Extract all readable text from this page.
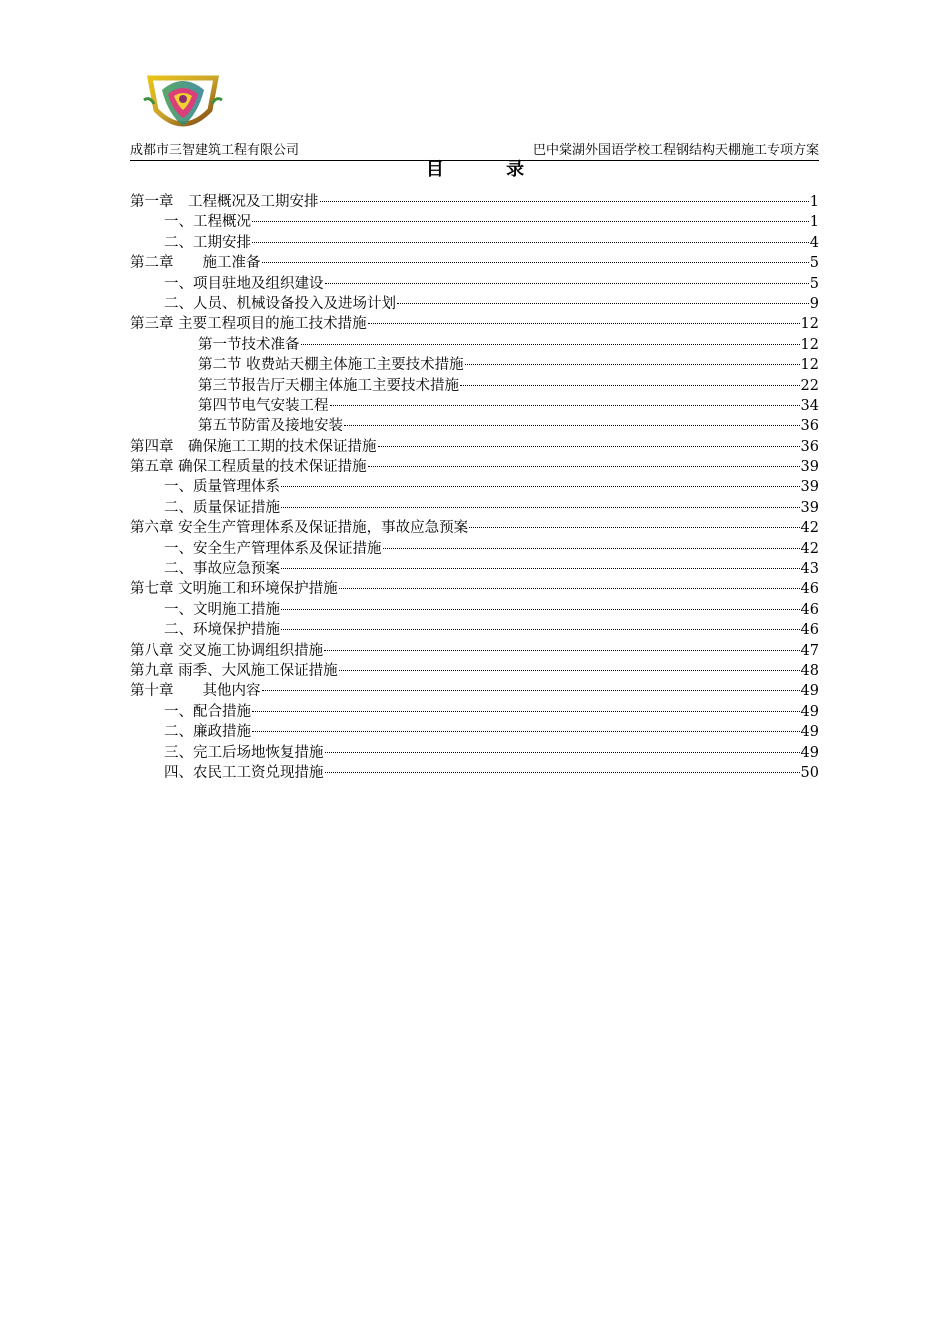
成都市三智建筑工程有限公司	巴中棠湖外国语学校工程钢结构天棚施工专项方案
目 录
第一章　工程概况及工期安排	1
一、工程概况	1
二、工期安排	4
第二章　　施工准备	5
一、项目驻地及组织建设	5
二、人员、机械设备投入及进场计划	9
第三章 主要工程项目的施工技术措施	12
第一节技术准备	12
第二节 收费站天棚主体施工主要技术措施	12
第三节报告厅天棚主体施工主要技术措施	22
第四节电气安装工程	34
第五节防雷及接地安装	36
第四章　确保施工工期的技术保证措施	36
第五章 确保工程质量的技术保证措施	39
一、质量管理体系	39
二、质量保证措施	39
第六章 安全生产管理体系及保证措施，事故应急预案	42
一、安全生产管理体系及保证措施	42
二、事故应急预案	43
第七章 文明施工和环境保护措施	46
一、文明施工措施	46
二、环境保护措施	46
第八章 交叉施工协调组织措施	47
第九章 雨季、大风施工保证措施	48
第十章　　其他内容	49
一、配合措施	49
二、廉政措施	49
三、完工后场地恢复措施	49
四、农民工工资兑现措施	50
